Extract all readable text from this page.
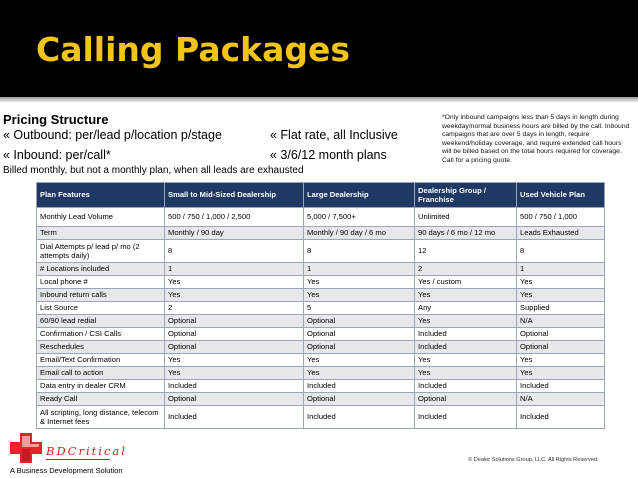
Calling Packages
Pricing Structure
« Outbound: per/lead p/location p/stage	« Flat rate, all Inclusive
« Inbound: per/call*	« 3/6/12 month plans
Billed monthly, but not a monthly plan, when all leads are exhausted
*Only inbound campaigns less than 5 days in length during weekday/normal business hours are billed by the call. Inbound campaigns that are over 5 days in length, require weekend/holiday coverage, and require extended call hours will be billed based on the total hours required for coverage. Call for a pricing quote.
Plan Features	Small to Mid-Sized Dealership	Large Dealership	Dealership Group / Franchise	Used Vehicle Plan
Monthly Lead Volume	500 / 750 / 1,000 / 2,500	5,000 / 7,500+	Unlimited	500 / 750 / 1,000
Term	Monthly / 90 day	Monthly / 90 day / 6 mo	90 days / 6 mo / 12 mo	Leads Exhausted
Dial Attempts p/ lead p/ mo (2 attempts daily)	8	8	12	8
# Locations included	1	1	2	1
Local phone #	Yes	Yes	Yes / custom	Yes
Inbound return calls	Yes	Yes	Yes	Yes
List Source	2	5	Any	Supplied
60/90 lead redial	Optional	Optional	Yes	N/A
Confirmation / CSI Calls	Optional	Optional	Included	Optional
Reschedules	Optional	Optional	Included	Optional
Email/Text Confirmation	Yes	Yes	Yes	Yes
Email call to action	Yes	Yes	Yes	Yes
Data entry in dealer CRM	Included	Included	Included	Included
Ready Call	Optional	Optional	Optional	N/A
All scripting, long distance, telecom & Internet fees	Included	Included	Included	Included
BDCritical
A Business Development Solution
© Dealer Solutions Group, LLC. All Rights Reserved.
